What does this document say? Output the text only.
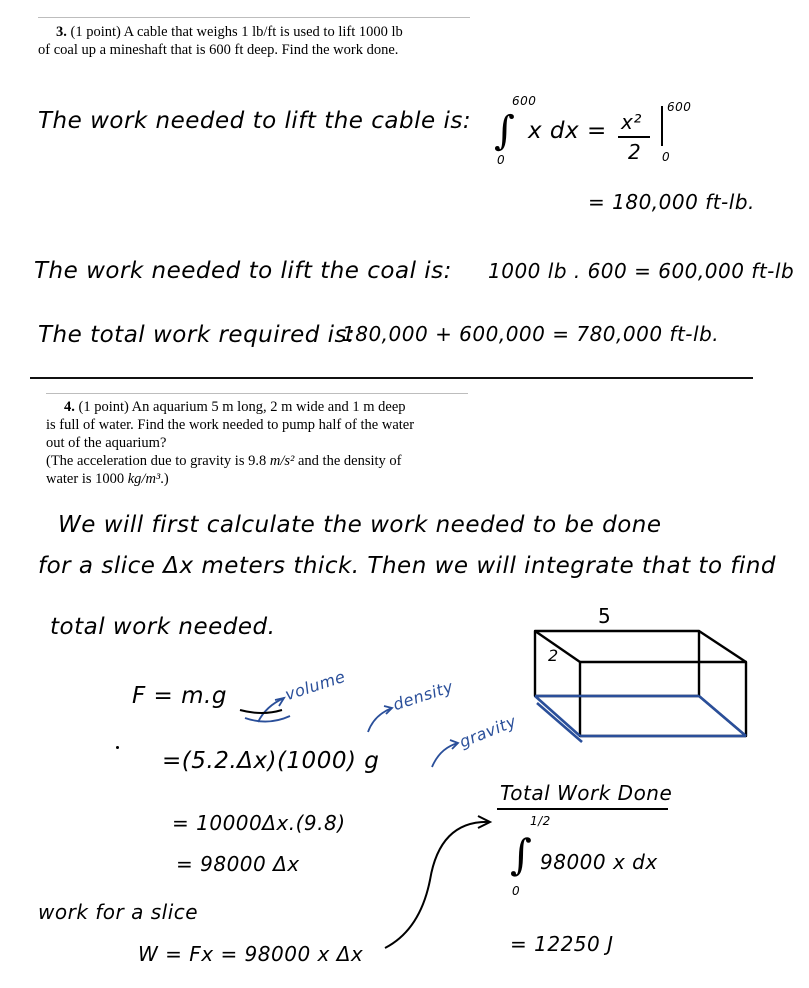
3. (1 point) A cable that weighs 1 lb/ft is used to lift 1000 lb
of coal up a mineshaft that is 600 ft deep. Find the work done.
The work needed to lift the cable is: ∫
600
0
x dx = x²
2
600
0
= 180,000 ft-lb.
The work needed to lift the coal is: 1000 lb . 600 = 600,000 ft-lb
The total work required is:
180,000 + 600,000 = 780,000 ft-lb.
4. (1 point) An aquarium 5 m long, 2 m wide and 1 m deep
is full of water. Find the work needed to pump half of the water
out of the aquarium?
(The acceleration due to gravity is 9.8 m/s² and the density of
water is 1000 kg/m³.)
We will first calculate the work needed to be done
for a slice Δx meters thick. Then we will integrate that to find
total work needed.	5
2
F = m.g	volume	density
gravity
=(5.2.Δx)(1000) g
= 10000Δx.(9.8)
= 98000 Δx
work for a slice
W = Fx = 98000 x Δx
Total Work Done
∫
1/2
0
98000 x dx
= 12250 J
